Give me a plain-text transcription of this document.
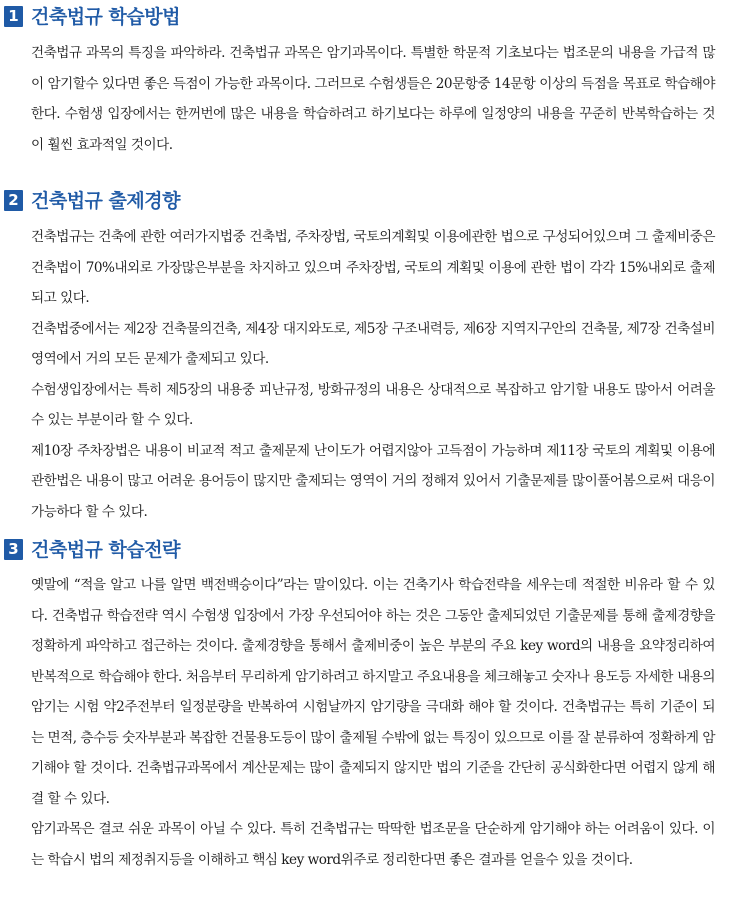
1 건축법규 학습방법

건축법규 과목의 특징을 파악하라. 건축법규 과목은 암기과목이다. 특별한 학문적 기초보다는 법조문의 내용을 가급적 많이 암기할수 있다면 좋은 득점이 가능한 과목이다. 그러므로 수험생들은 20문항중 14문항 이상의 득점을 목표로 학습해야한다. 수험생 입장에서는 한꺼번에 많은 내용을 학습하려고 하기보다는 하루에 일정양의 내용을 꾸준히 반복학습하는 것이 훨씬 효과적일 것이다.

2 건축법규 출제경향

건축법규는 건축에 관한 여러가지법중 건축법, 주차장법, 국토의계획및 이용에관한 법으로 구성되어있으며 그 출제비중은 건축법이 70%내외로 가장많은부분을 차지하고 있으며 주차장법, 국토의 계획및 이용에 관한 법이 각각 15%내외로 출제되고 있다.

건축법중에서는 제2장 건축물의건축, 제4장 대지와도로, 제5장 구조내력등, 제6장 지역지구안의 건축물, 제7장 건축설비영역에서 거의 모든 문제가 출제되고 있다.

수험생입장에서는 특히 제5장의 내용중 피난규정, 방화규정의 내용은 상대적으로 복잡하고 암기할 내용도 많아서 어려울 수 있는 부분이라 할 수 있다.

제10장 주차장법은 내용이 비교적 적고 출제문제 난이도가 어렵지않아 고득점이 가능하며 제11장 국토의 계획및 이용에 관한법은 내용이 많고 어려운 용어등이 많지만 출제되는 영역이 거의 정해져 있어서 기출문제를 많이풀어봄으로써 대응이 가능하다 할 수 있다.

3 건축법규 학습전략

옛말에 “적을 알고 나를 알면 백전백승이다”라는 말이있다. 이는 건축기사 학습전략을 세우는데 적절한 비유라 할 수 있다. 건축법규 학습전략 역시 수험생 입장에서 가장 우선되어야 하는 것은 그동안 출제되었던 기출문제를 통해 출제경향을 정확하게 파악하고 접근하는 것이다. 출제경향을 통해서 출제비중이 높은 부분의 주요 key word의 내용을 요약정리하여 반복적으로 학습해야 한다. 처음부터 무리하게 암기하려고 하지말고 주요내용을 체크해놓고 숫자나 용도등 자세한 내용의 암기는 시험 약2주전부터 일정분량을 반복하여 시험날까지 암기량을 극대화 해야 할 것이다. 건축법규는 특히 기준이 되는 면적, 층수등 숫자부분과 복잡한 건물용도등이 많이 출제될 수밖에 없는 특징이 있으므로 이를 잘 분류하여 정확하게 암기해야 할 것이다. 건축법규과목에서 계산문제는 많이 출제되지 않지만 법의 기준을 간단히 공식화한다면 어렵지 않게 해결 할 수 있다.

암기과목은 결코 쉬운 과목이 아닐 수 있다. 특히 건축법규는 딱딱한 법조문을 단순하게 암기해야 하는 어려움이 있다. 이는 학습시 법의 제정취지등을 이해하고 핵심 key word위주로 정리한다면 좋은 결과를 얻을수 있을 것이다.
